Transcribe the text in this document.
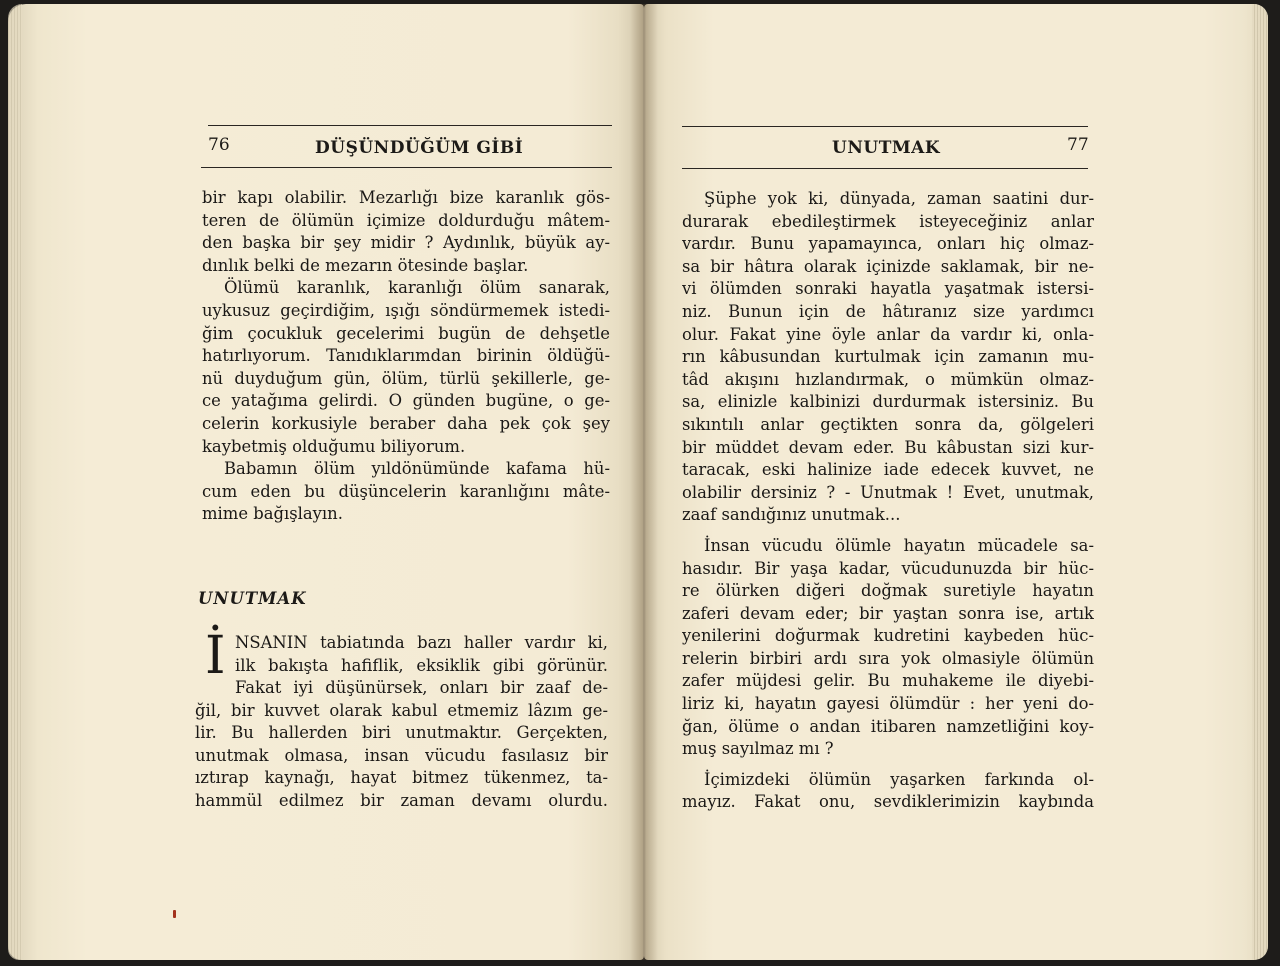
76	DÜŞÜNDÜĞÜM GİBİ
bir kapı olabilir. Mezarlığı bize karanlık gös-
teren de ölümün içimize doldurduğu mâtem-
den başka bir şey midir ? Aydınlık, büyük ay-
dınlık belki de mezarın ötesinde başlar.
Ölümü karanlık, karanlığı ölüm sanarak,
uykusuz geçirdiğim, ışığı söndürmemek istedi-
ğim çocukluk gecelerimi bugün de dehşetle
hatırlıyorum. Tanıdıklarımdan birinin öldüğü-
nü duyduğum gün, ölüm, türlü şekillerle, ge-
ce yatağıma gelirdi. O günden bugüne, o ge-
celerin korkusiyle beraber daha pek çok şey
kaybetmiş olduğumu biliyorum.
Babamın ölüm yıldönümünde kafama hü-
cum eden bu düşüncelerin karanlığını mâte-
mime bağışlayın.
UNUTMAK
İ NSANIN tabiatında bazı haller vardır ki,
ilk bakışta hafiflik, eksiklik gibi görünür.
Fakat iyi düşünürsek, onları bir zaaf de-
ğil, bir kuvvet olarak kabul etmemiz lâzım ge-
lir. Bu hallerden biri unutmaktır. Gerçekten,
unutmak olmasa, insan vücudu fasılasız bir
ıztırap kaynağı, hayat bitmez tükenmez, ta-
hammül edilmez bir zaman devamı olurdu.
UNUTMAK	77
Şüphe yok ki, dünyada, zaman saatini dur-
durarak ebedileştirmek isteyeceğiniz anlar
vardır. Bunu yapamayınca, onları hiç olmaz-
sa bir hâtıra olarak içinizde saklamak, bir ne-
vi ölümden sonraki hayatla yaşatmak istersi-
niz. Bunun için de hâtıranız size yardımcı
olur. Fakat yine öyle anlar da vardır ki, onla-
rın kâbusundan kurtulmak için zamanın mu-
tâd akışını hızlandırmak, o mümkün olmaz-
sa, elinizle kalbinizi durdurmak istersiniz. Bu
sıkıntılı anlar geçtikten sonra da, gölgeleri
bir müddet devam eder. Bu kâbustan sizi kur-
taracak, eski halinize iade edecek kuvvet, ne
olabilir dersiniz ? - Unutmak ! Evet, unutmak,
zaaf sandığınız unutmak...
İnsan vücudu ölümle hayatın mücadele sa-
hasıdır. Bir yaşa kadar, vücudunuzda bir hüc-
re ölürken diğeri doğmak suretiyle hayatın
zaferi devam eder; bir yaştan sonra ise, artık
yenilerini doğurmak kudretini kaybeden hüc-
relerin birbiri ardı sıra yok olmasiyle ölümün
zafer müjdesi gelir. Bu muhakeme ile diyebi-
liriz ki, hayatın gayesi ölümdür : her yeni do-
ğan, ölüme o andan itibaren namzetliğini koy-
muş sayılmaz mı ?
İçimizdeki ölümün yaşarken farkında ol-
mayız. Fakat onu, sevdiklerimizin kaybında
